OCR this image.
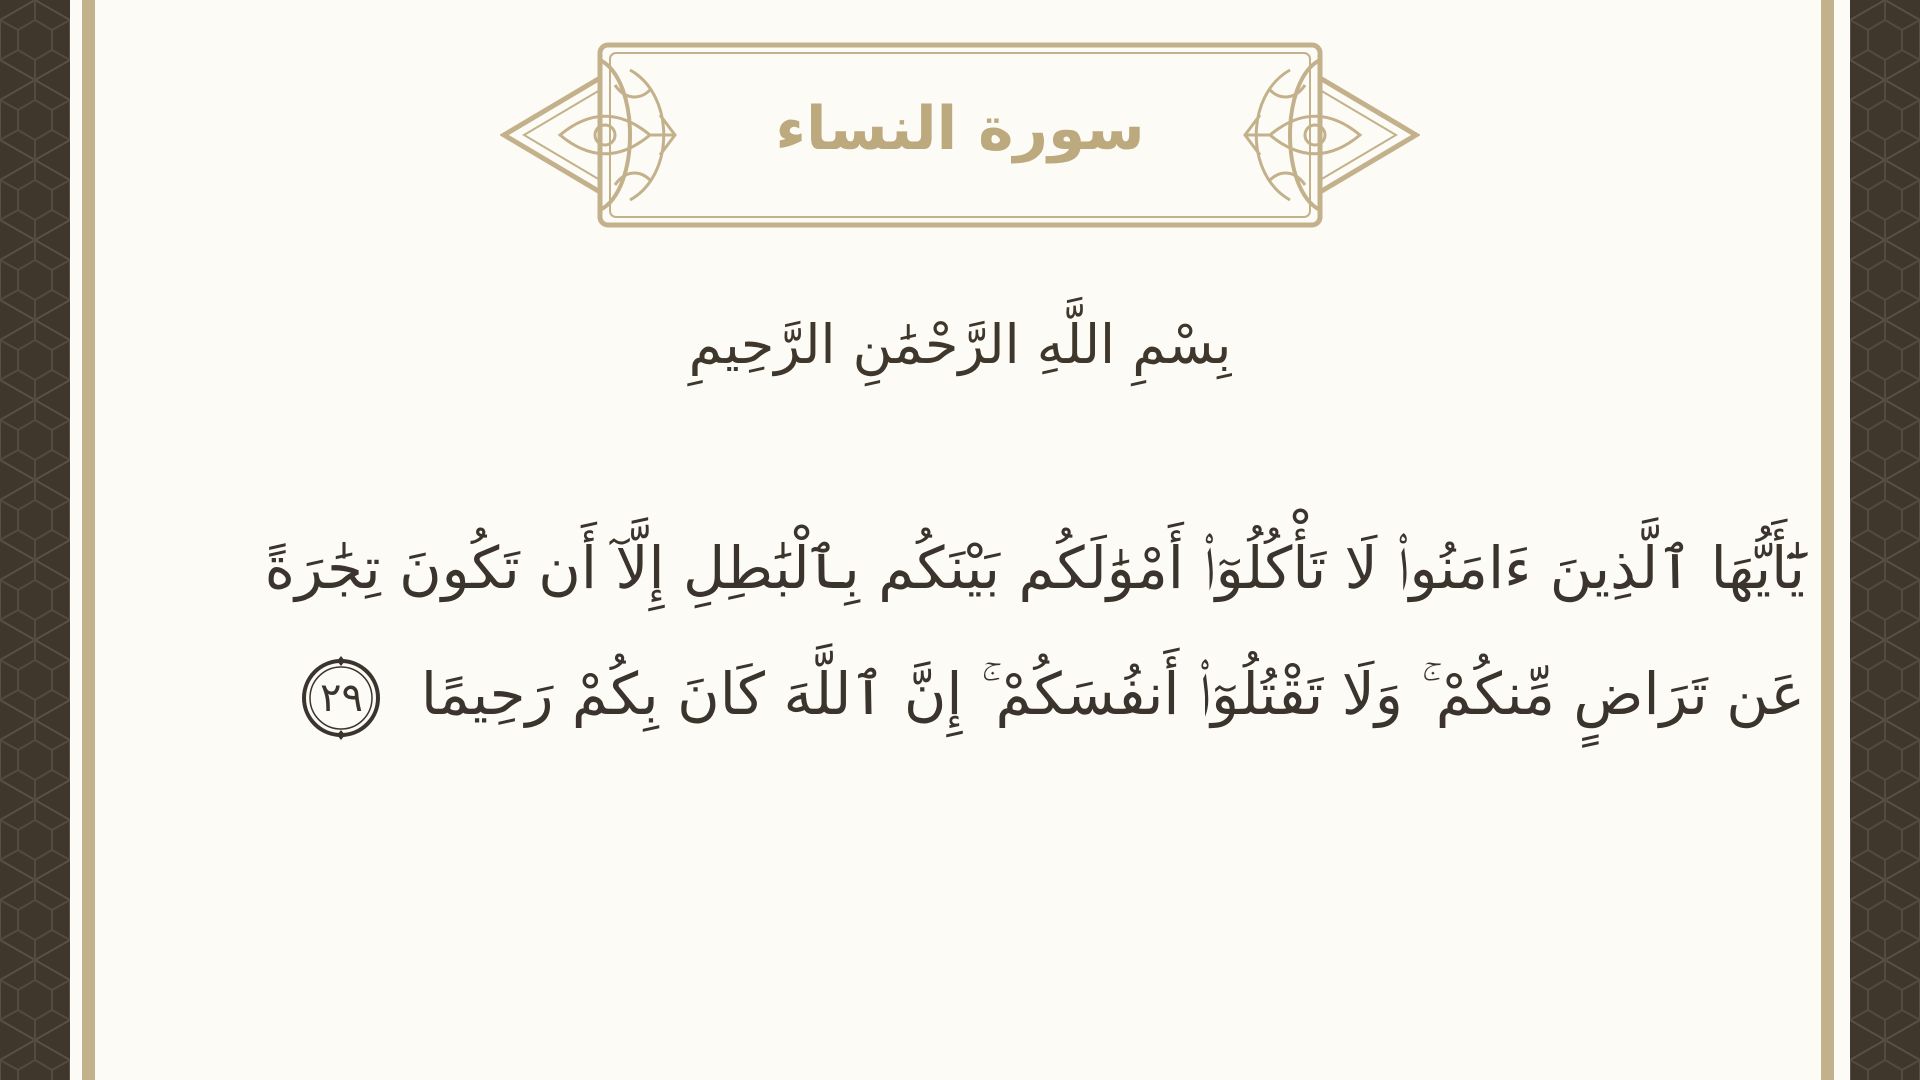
سورة النساء
بِسْمِ اللَّهِ الرَّحْمَٰنِ الرَّحِيمِ
يَٰٓأَيُّهَا ٱلَّذِينَ ءَامَنُوا۟ لَا تَأْكُلُوٓا۟ أَمْوَٰلَكُم بَيْنَكُم بِٱلْبَٰطِلِ إِلَّآ أَن تَكُونَ تِجَٰرَةً عَن تَرَاضٍ مِّنكُمْ ۚ وَلَا تَقْتُلُوٓا۟ أَنفُسَكُمْ ۚ إِنَّ ٱللَّهَ كَانَ بِكُمْ رَحِيمًا
٢٩
